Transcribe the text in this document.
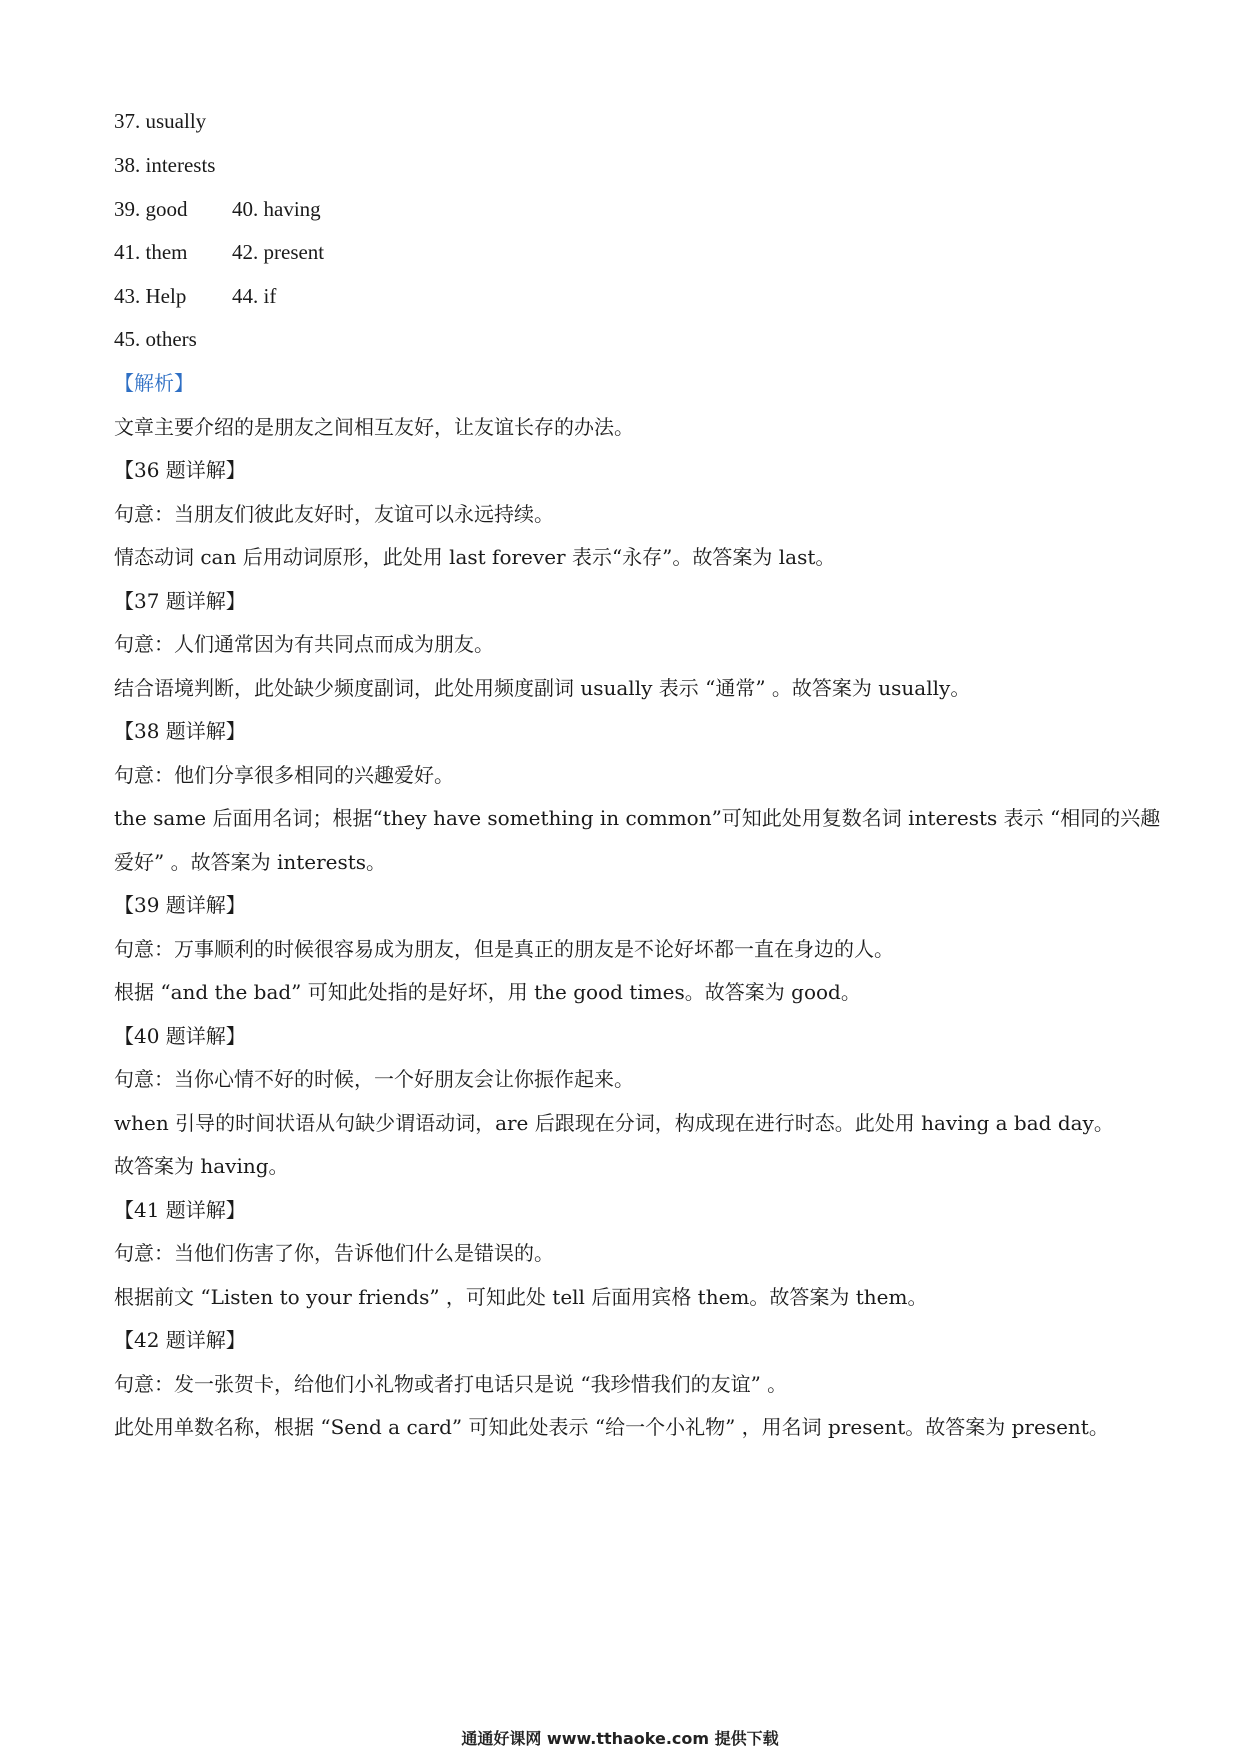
37. usually
38. interests
39. good 40. having
41. them 42. present
43. Help 44. if
45. others
【解析】
文章主要介绍的是朋友之间相互友好，让友谊长存的办法。
【36 题详解】
句意：当朋友们彼此友好时，友谊可以永远持续。
情态动词 can 后用动词原形，此处用 last forever 表示“永存”。故答案为 last。
【37 题详解】
句意：人们通常因为有共同点而成为朋友。
结合语境判断，此处缺少频度副词，此处用频度副词 usually 表示 “通常” 。故答案为 usually。
【38 题详解】
句意：他们分享很多相同的兴趣爱好。
the same 后面用名词；根据“they have something in common”可知此处用复数名词 interests 表示 “相同的兴趣
爱好” 。故答案为 interests。
【39 题详解】
句意：万事顺利的时候很容易成为朋友，但是真正的朋友是不论好坏都一直在身边的人。
根据 “and the bad” 可知此处指的是好坏，用 the good times。故答案为 good。
【40 题详解】
句意：当你心情不好的时候，一个好朋友会让你振作起来。
when 引导的时间状语从句缺少谓语动词，are 后跟现在分词，构成现在进行时态。此处用 having a bad day。
故答案为 having。
【41 题详解】
句意：当他们伤害了你，告诉他们什么是错误的。
根据前文 “Listen to your friends” ，可知此处 tell 后面用宾格 them。故答案为 them。
【42 题详解】
句意：发一张贺卡，给他们小礼物或者打电话只是说 “我珍惜我们的友谊” 。
此处用单数名称，根据 “Send a card” 可知此处表示 “给一个小礼物” ，用名词 present。故答案为 present。
通通好课网 www.tthaoke.com 提供下载
